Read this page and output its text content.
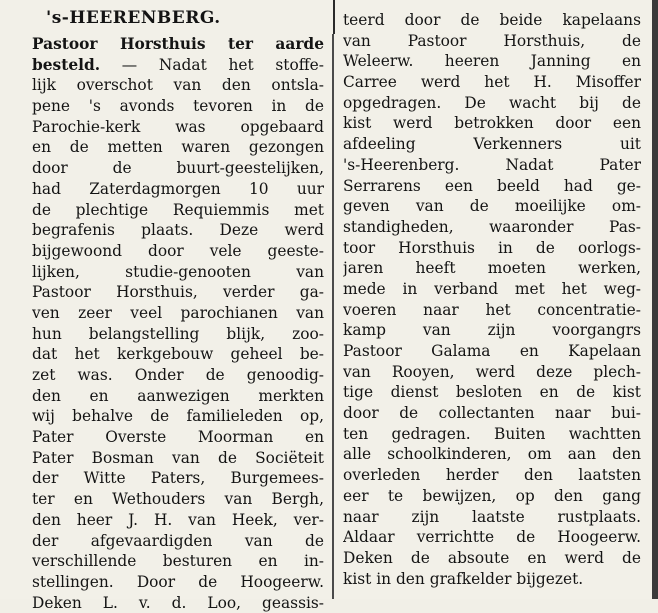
's-HEERENBERG.
Pastoor Horsthuis ter aarde
besteld. — Nadat het stoffe-
lijk overschot van den ontsla-
pene 's avonds tevoren in de
Parochie-kerk was opgebaard
en de metten waren gezongen
door de buurt-geestelijken,
had Zaterdagmorgen 10 uur
de plechtige Requiemmis met
begrafenis plaats. Deze werd
bijgewoond door vele geeste-
lijken, studie-genooten van
Pastoor Horsthuis, verder ga-
ven zeer veel parochianen van
hun belangstelling blijk, zoo-
dat het kerkgebouw geheel be-
zet was. Onder de genoodig-
den en aanwezigen merkten
wij behalve de familieleden op,
Pater Overste Moorman en
Pater Bosman van de Sociëteit
der Witte Paters, Burgemees-
ter en Wethouders van Bergh,
den heer J. H. van Heek, ver-
der afgevaardigden van de
verschillende besturen en in-
stellingen. Door de Hoogeerw.
Deken L. v. d. Loo, geassis-
teerd door de beide kapelaans
van Pastoor Horsthuis, de
Weleerw. heeren Janning en
Carree werd het H. Misoffer
opgedragen. De wacht bij de
kist werd betrokken door een
afdeeling Verkenners uit
's-Heerenberg. Nadat Pater
Serrarens een beeld had ge-
geven van de moeilijke om-
standigheden, waaronder Pas-
toor Horsthuis in de oorlogs-
jaren heeft moeten werken,
mede in verband met het weg-
voeren naar het concentratie-
kamp van zijn voorgangrs
Pastoor Galama en Kapelaan
van Rooyen, werd deze plech-
tige dienst besloten en de kist
door de collectanten naar bui-
ten gedragen. Buiten wachtten
alle schoolkinderen, om aan den
overleden herder den laatsten
eer te bewijzen, op den gang
naar zijn laatste rustplaats.
Aldaar verrichtte de Hoogeerw.
Deken de absoute en werd de
kist in den grafkelder bijgezet.
